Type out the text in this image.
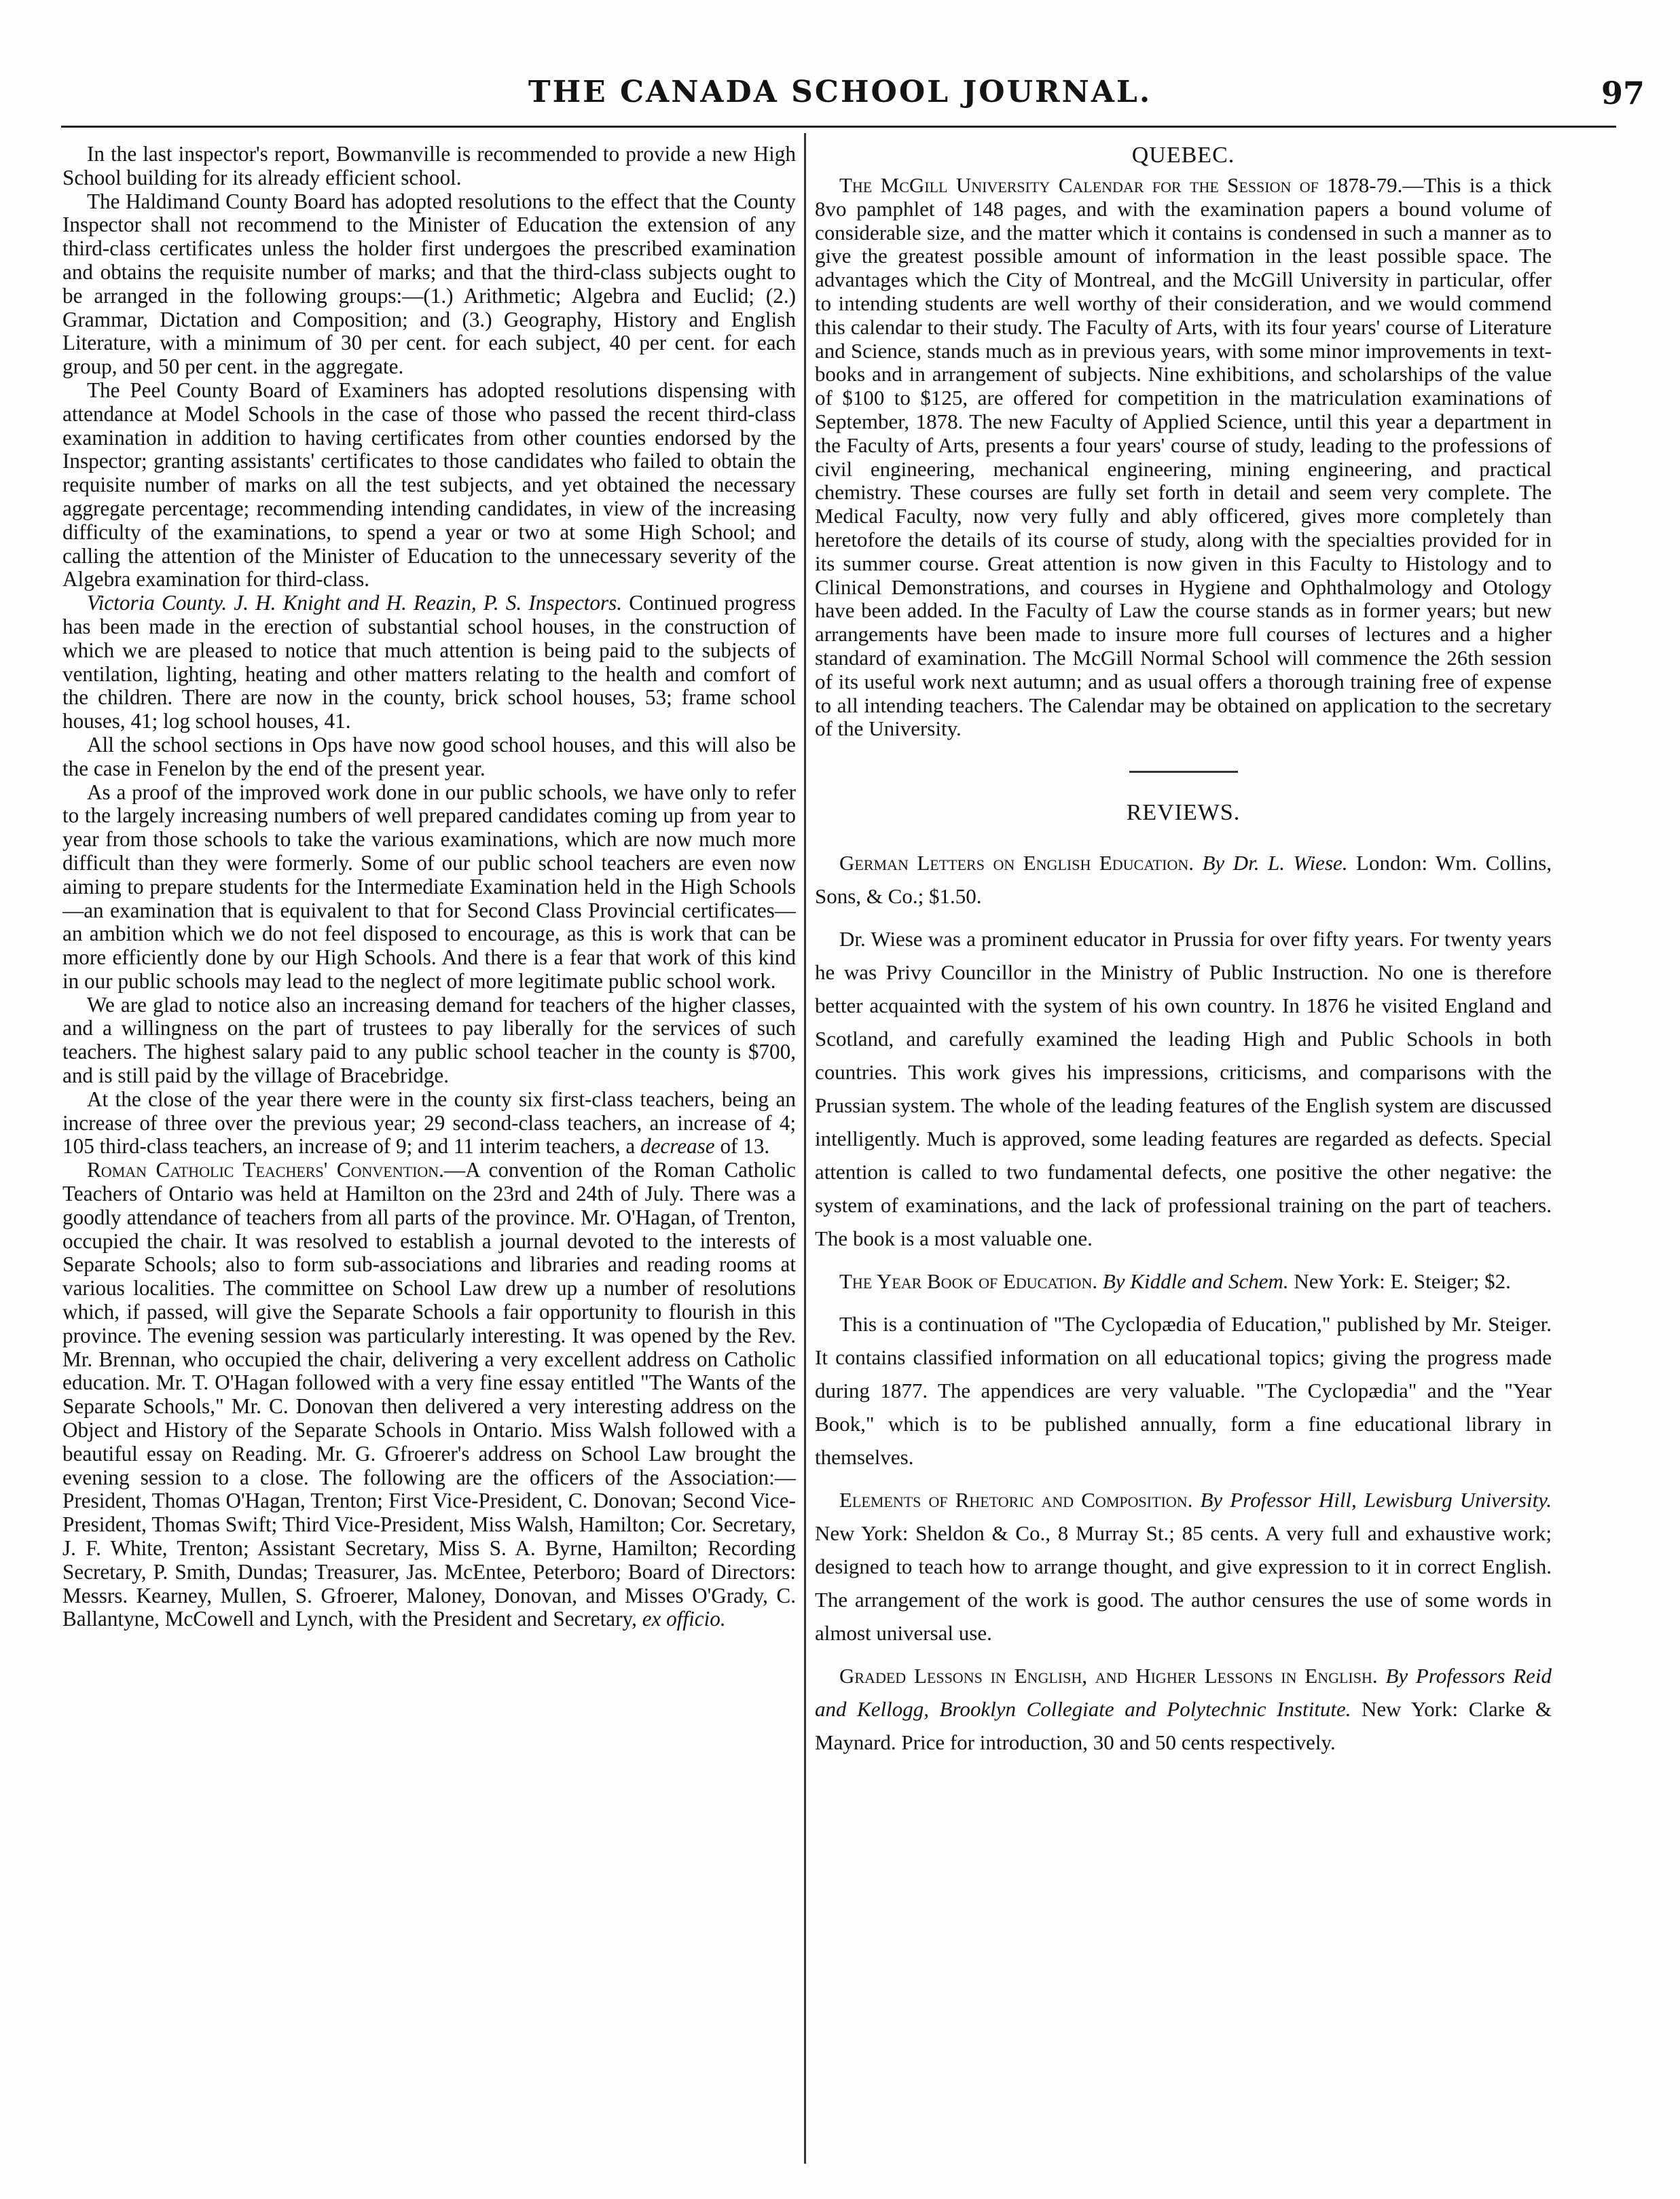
THE CANADA SCHOOL JOURNAL.	97

In the last inspector's report, Bowmanville is recommended to provide a new High School building for its already efficient school.

The Haldimand County Board has adopted resolutions to the effect that the County Inspector shall not recommend to the Minister of Education the extension of any third-class certificates unless the holder first undergoes the prescribed examination and obtains the requisite number of marks; and that the third-class subjects ought to be arranged in the following groups:—(1.) Arithmetic; Algebra and Euclid; (2.) Grammar, Dictation and Composition; and (3.) Geography, History and English Literature, with a minimum of 30 per cent. for each subject, 40 per cent. for each group, and 50 per cent. in the aggregate.

The Peel County Board of Examiners has adopted resolutions dispensing with attendance at Model Schools in the case of those who passed the recent third-class examination in addition to having certificates from other counties endorsed by the Inspector; granting assistants' certificates to those candidates who failed to obtain the requisite number of marks on all the test subjects, and yet obtained the necessary aggregate percentage; recommending intending candidates, in view of the increasing difficulty of the examinations, to spend a year or two at some High School; and calling the attention of the Minister of Education to the unnecessary severity of the Algebra examination for third-class.

Victoria County. J. H. Knight and H. Reazin, P. S. Inspectors. Continued progress has been made in the erection of substantial school houses, in the construction of which we are pleased to notice that much attention is being paid to the subjects of ventilation, lighting, heating and other matters relating to the health and comfort of the children. There are now in the county, brick school houses, 53; frame school houses, 41; log school houses, 41.

All the school sections in Ops have now good school houses, and this will also be the case in Fenelon by the end of the present year.

As a proof of the improved work done in our public schools, we have only to refer to the largely increasing numbers of well prepared candidates coming up from year to year from those schools to take the various examinations, which are now much more difficult than they were formerly. Some of our public school teachers are even now aiming to prepare students for the Intermediate Examination held in the High Schools—an examination that is equivalent to that for Second Class Provincial certificates—an ambition which we do not feel disposed to encourage, as this is work that can be more efficiently done by our High Schools. And there is a fear that work of this kind in our public schools may lead to the neglect of more legitimate public school work.

We are glad to notice also an increasing demand for teachers of the higher classes, and a willingness on the part of trustees to pay liberally for the services of such teachers. The highest salary paid to any public school teacher in the county is $700, and is still paid by the village of Bracebridge.

At the close of the year there were in the county six first-class teachers, being an increase of three over the previous year; 29 second-class teachers, an increase of 4; 105 third-class teachers, an increase of 9; and 11 interim teachers, a decrease of 13.

Roman Catholic Teachers' Convention.—A convention of the Roman Catholic Teachers of Ontario was held at Hamilton on the 23rd and 24th of July. There was a goodly attendance of teachers from all parts of the province. Mr. O'Hagan, of Trenton, occupied the chair. It was resolved to establish a journal devoted to the interests of Separate Schools; also to form sub-associations and libraries and reading rooms at various localities. The committee on School Law drew up a number of resolutions which, if passed, will give the Separate Schools a fair opportunity to flourish in this province. The evening session was particularly interesting. It was opened by the Rev. Mr. Brennan, who occupied the chair, delivering a very excellent address on Catholic education. Mr. T. O'Hagan followed with a very fine essay entitled "The Wants of the Separate Schools," Mr. C. Donovan then delivered a very interesting address on the Object and History of the Separate Schools in Ontario. Miss Walsh followed with a beautiful essay on Reading. Mr. G. Gfroerer's address on School Law brought the evening session to a close. The following are the officers of the Association:—President, Thomas O'Hagan, Trenton; First Vice-President, C. Donovan; Second Vice-President, Thomas Swift; Third Vice-President, Miss Walsh, Hamilton; Cor. Secretary, J. F. White, Trenton; Assistant Secretary, Miss S. A. Byrne, Hamilton; Recording Secretary, P. Smith, Dundas; Treasurer, Jas. McEntee, Peterboro; Board of Directors: Messrs. Kearney, Mullen, S. Gfroerer, Maloney, Donovan, and Misses O'Grady, C. Ballantyne, McCowell and Lynch, with the President and Secretary, ex officio.

QUEBEC.

The McGill University Calendar for the Session of 1878-79.—This is a thick 8vo pamphlet of 148 pages, and with the examination papers a bound volume of considerable size, and the matter which it contains is condensed in such a manner as to give the greatest possible amount of information in the least possible space. The advantages which the City of Montreal, and the McGill University in particular, offer to intending students are well worthy of their consideration, and we would commend this calendar to their study. The Faculty of Arts, with its four years' course of Literature and Science, stands much as in previous years, with some minor improvements in text-books and in arrangement of subjects. Nine exhibitions, and scholarships of the value of $100 to $125, are offered for competition in the matriculation examinations of September, 1878. The new Faculty of Applied Science, until this year a department in the Faculty of Arts, presents a four years' course of study, leading to the professions of civil engineering, mechanical engineering, mining engineering, and practical chemistry. These courses are fully set forth in detail and seem very complete. The Medical Faculty, now very fully and ably officered, gives more completely than heretofore the details of its course of study, along with the specialties provided for in its summer course. Great attention is now given in this Faculty to Histology and to Clinical Demonstrations, and courses in Hygiene and Ophthalmology and Otology have been added. In the Faculty of Law the course stands as in former years; but new arrangements have been made to insure more full courses of lectures and a higher standard of examination. The McGill Normal School will commence the 26th session of its useful work next autumn; and as usual offers a thorough training free of expense to all intending teachers. The Calendar may be obtained on application to the secretary of the University.

REVIEWS.

German Letters on English Education. By Dr. L. Wiese. London: Wm. Collins, Sons, & Co.; $1.50.

Dr. Wiese was a prominent educator in Prussia for over fifty years. For twenty years he was Privy Councillor in the Ministry of Public Instruction. No one is therefore better acquainted with the system of his own country. In 1876 he visited England and Scotland, and carefully examined the leading High and Public Schools in both countries. This work gives his impressions, criticisms, and comparisons with the Prussian system. The whole of the leading features of the English system are discussed intelligently. Much is approved, some leading features are regarded as defects. Special attention is called to two fundamental defects, one positive the other negative: the system of examinations, and the lack of professional training on the part of teachers. The book is a most valuable one.

The Year Book of Education. By Kiddle and Schem. New York: E. Steiger; $2.

This is a continuation of "The Cyclopædia of Education," published by Mr. Steiger. It contains classified information on all educational topics; giving the progress made during 1877. The appendices are very valuable. "The Cyclopædia" and the "Year Book," which is to be published annually, form a fine educational library in themselves.

Elements of Rhetoric and Composition. By Professor Hill, Lewisburg University. New York: Sheldon & Co., 8 Murray St.; 85 cents. A very full and exhaustive work; designed to teach how to arrange thought, and give expression to it in correct English. The arrangement of the work is good. The author censures the use of some words in almost universal use.

Graded Lessons in English, and Higher Lessons in English. By Professors Reid and Kellogg, Brooklyn Collegiate and Polytechnic Institute. New York: Clarke & Maynard. Price for introduction, 30 and 50 cents respectively.
